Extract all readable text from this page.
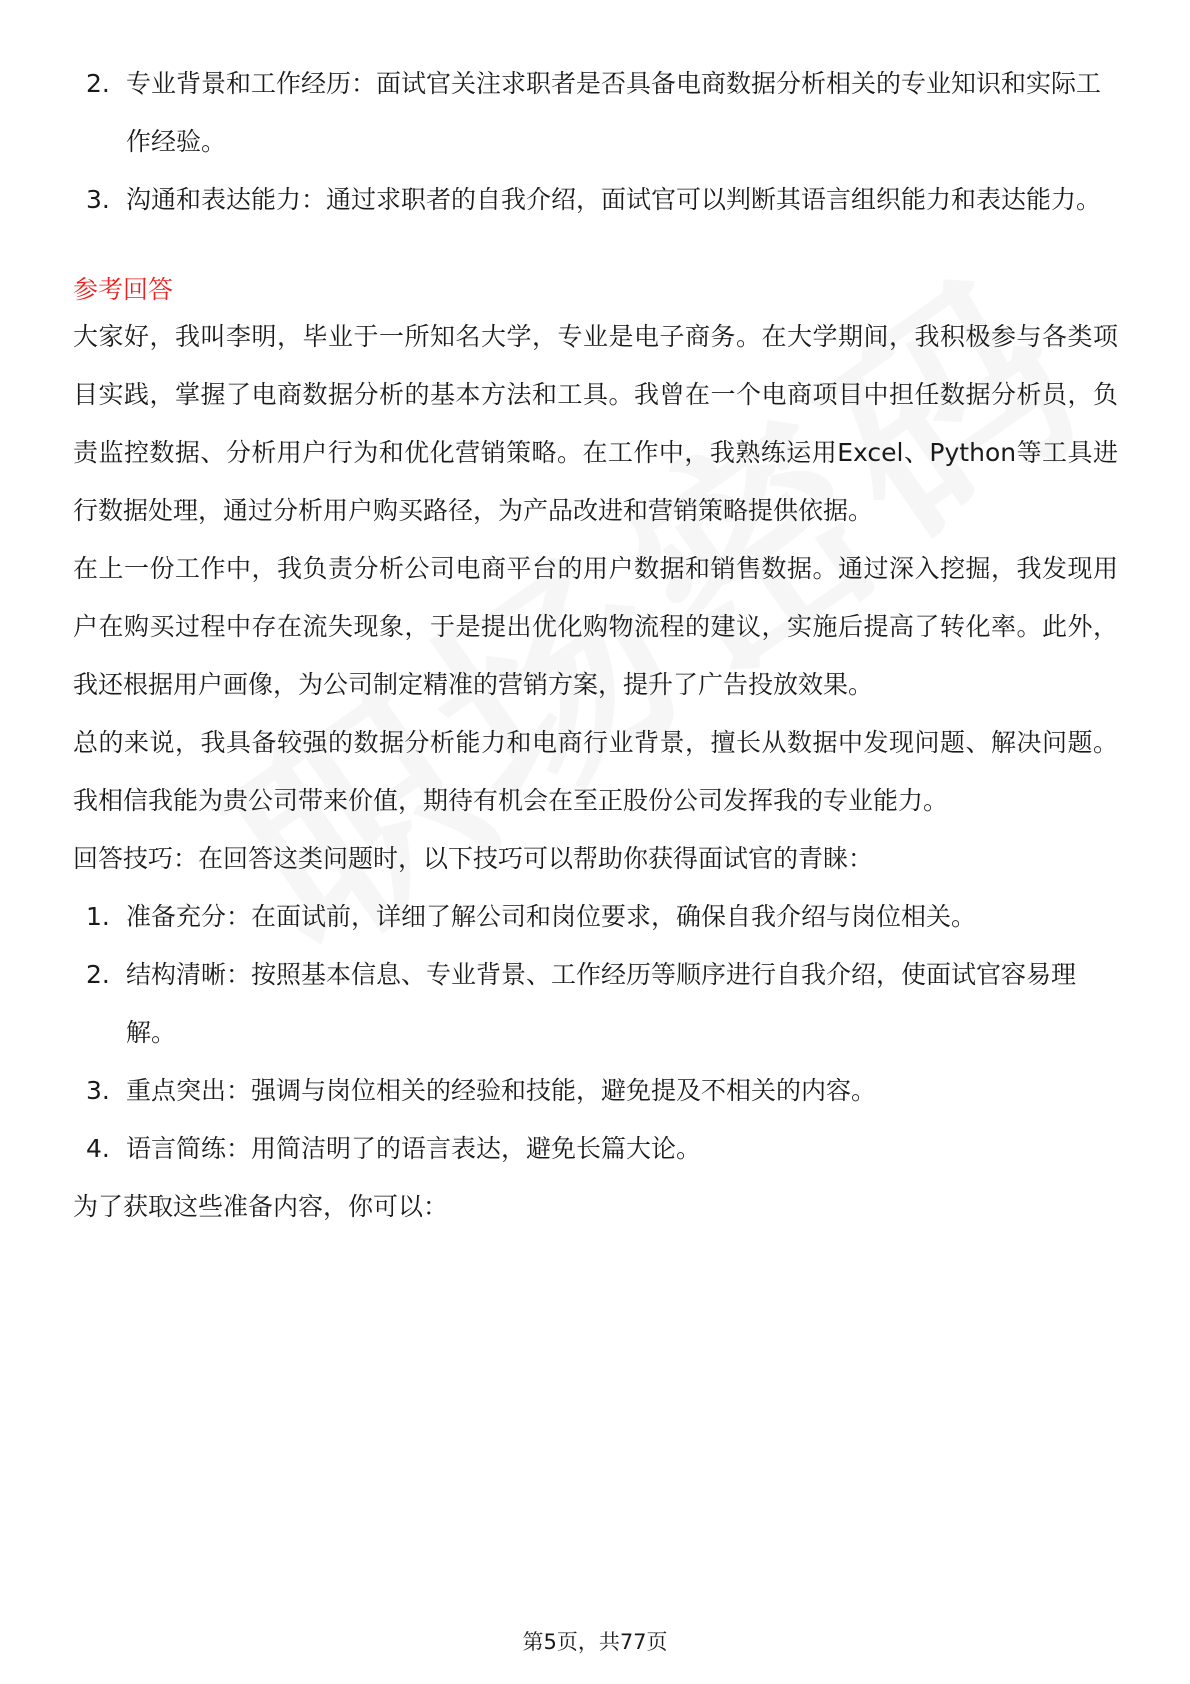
2. 专业背景和工作经历：面试官关注求职者是否具备电商数据分析相关的专业知识和实际工作经验。
3. 沟通和表达能力：通过求职者的自我介绍，面试官可以判断其语言组织能力和表达能力。
参考回答

大家好，我叫李明，毕业于一所知名大学，专业是电子商务。在大学期间，我积极参与各类项目实践，掌握了电商数据分析的基本方法和工具。我曾在一个电商项目中担任数据分析员，负责监控数据、分析用户行为和优化营销策略。在工作中，我熟练运用Excel、Python等工具进行数据处理，通过分析用户购买路径，为产品改进和营销策略提供依据。

在上一份工作中，我负责分析公司电商平台的用户数据和销售数据。通过深入挖掘，我发现用户在购买过程中存在流失现象，于是提出优化购物流程的建议，实施后提高了转化率。此外，我还根据用户画像，为公司制定精准的营销方案，提升了广告投放效果。

总的来说，我具备较强的数据分析能力和电商行业背景，擅长从数据中发现问题、解决问题。我相信我能为贵公司带来价值，期待有机会在至正股份公司发挥我的专业能力。

回答技巧：在回答这类问题时，以下技巧可以帮助你获得面试官的青睐：

1. 准备充分：在面试前，详细了解公司和岗位要求，确保自我介绍与岗位相关。
2. 结构清晰：按照基本信息、专业背景、工作经历等顺序进行自我介绍，使面试官容易理解。
3. 重点突出：强调与岗位相关的经验和技能，避免提及不相关的内容。
4. 语言简练：用简洁明了的语言表达，避免长篇大论。

为了获取这些准备内容，你可以：

第5页，共77页
